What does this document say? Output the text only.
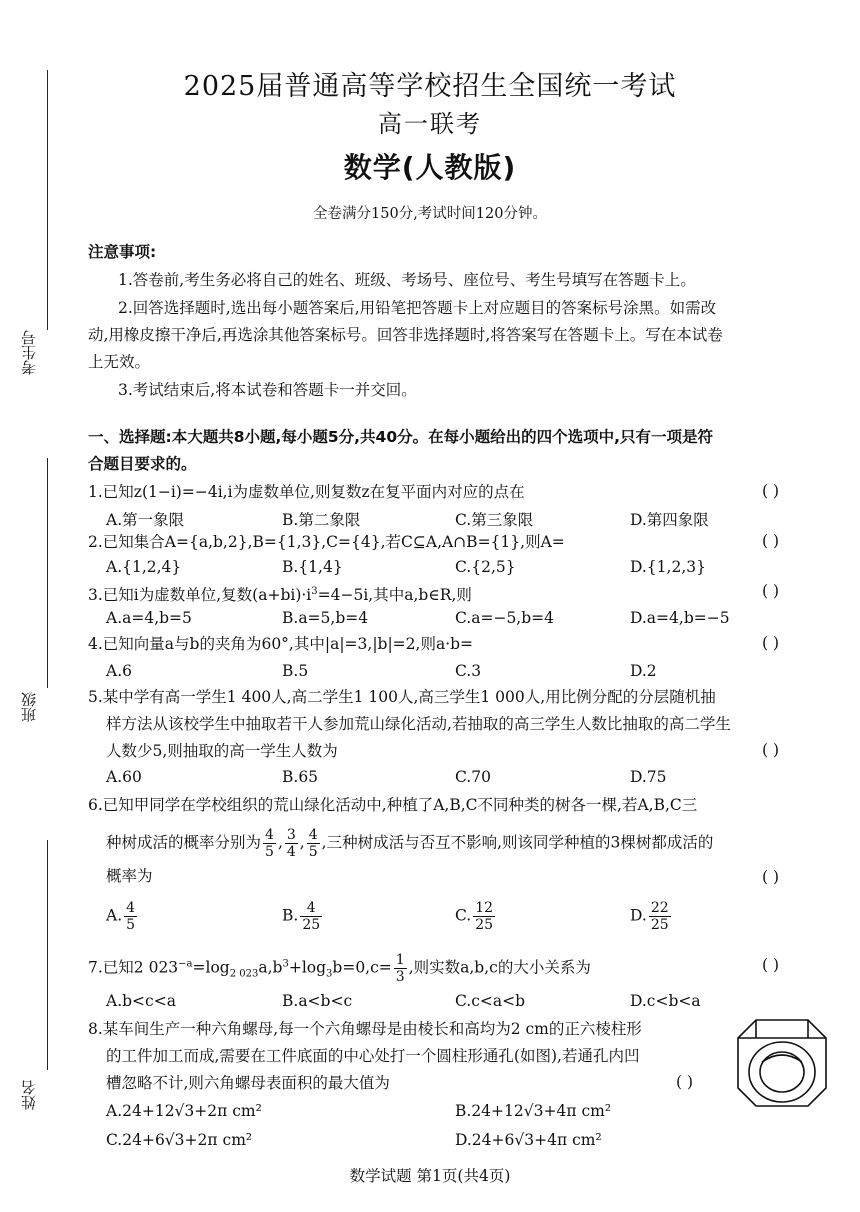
考生号
班级
姓名
2025届普通高等学校招生全国统一考试
高一联考
数学(人教版)
全卷满分150分,考试时间120分钟。
注意事项:
1.答卷前,考生务必将自己的姓名、班级、考场号、座位号、考生号填写在答题卡上。
2.回答选择题时,选出每小题答案后,用铅笔把答题卡上对应题目的答案标号涂黑。如需改
动,用橡皮擦干净后,再选涂其他答案标号。回答非选择题时,将答案写在答题卡上。写在本试卷
上无效。
3.考试结束后,将本试卷和答题卡一并交回。
一、选择题:本大题共8小题,每小题5分,共40分。在每小题给出的四个选项中,只有一项是符
合题目要求的。
1.已知z(1−i)=−4i,i为虚数单位,则复数z在复平面内对应的点在	( )
A.第一象限	B.第二象限	C.第三象限	D.第四象限
2.已知集合A={a,b,2},B={1,3},C={4},若C⊆A,A∩B={1},则A=	( )
A.{1,2,4}	B.{1,4}	C.{2,5}	D.{1,2,3}
3.已知i为虚数单位,复数$(a+bi)\cdot i^3=4-5i$,其中a,b∈R,则	( )
A.a=4,b=5	B.a=5,b=4	C.a=−5,b=4	D.a=4,b=−5
4.已知向量a与b的夹角为60°,其中|a|=3,|b|=2,则a·b=	( )
A.6	B.5	C.3	D.2
5.某中学有高一学生1 400人,高二学生1 100人,高三学生1 000人,用比例分配的分层随机抽
样方法从该校学生中抽取若干人参加荒山绿化活动,若抽取的高三学生人数比抽取的高二学生
人数少5,则抽取的高一学生人数为	( )
A.60	B.65	C.70	D.75
6.已知甲同学在学校组织的荒山绿化活动中,种植了A,B,C不同种类的树各一棵,若A,B,C三
种树成活的概率分别为 $\frac{4}{5}$ , $\frac{3}{4}$ , $\frac{4}{5}$ ,三种树成活与否互不影响,则该同学种植的3棵树都成活的
概率为	( )
A. $\frac{4}{5}$	B. $\frac{4}{25}$	C. $\frac{12}{25}$	D. $\frac{22}{25}$
7.已知2 $023^{-a}=\log_{2 023}a,b^3+\log_3b=0,c= \frac{1}{3}$ ,则实数a,b,c的大小关系为	( )
A.b<c<a	B.a<b<c	C.c<a<b	D.c<b<a
8.某车间生产一种六角螺母,每一个六角螺母是由棱长和高均为2 cm的正六棱柱形
的工件加工而成,需要在工件底面的中心处打一个圆柱形通孔(如图),若通孔内凹
槽忽略不计,则六角螺母表面积的最大值为	( )
A.24+12√3+2π cm²	B.24+12√3+4π cm²
C.24+6√3+2π cm²	D.24+6√3+4π cm²
数学试题 第1页(共4页)
